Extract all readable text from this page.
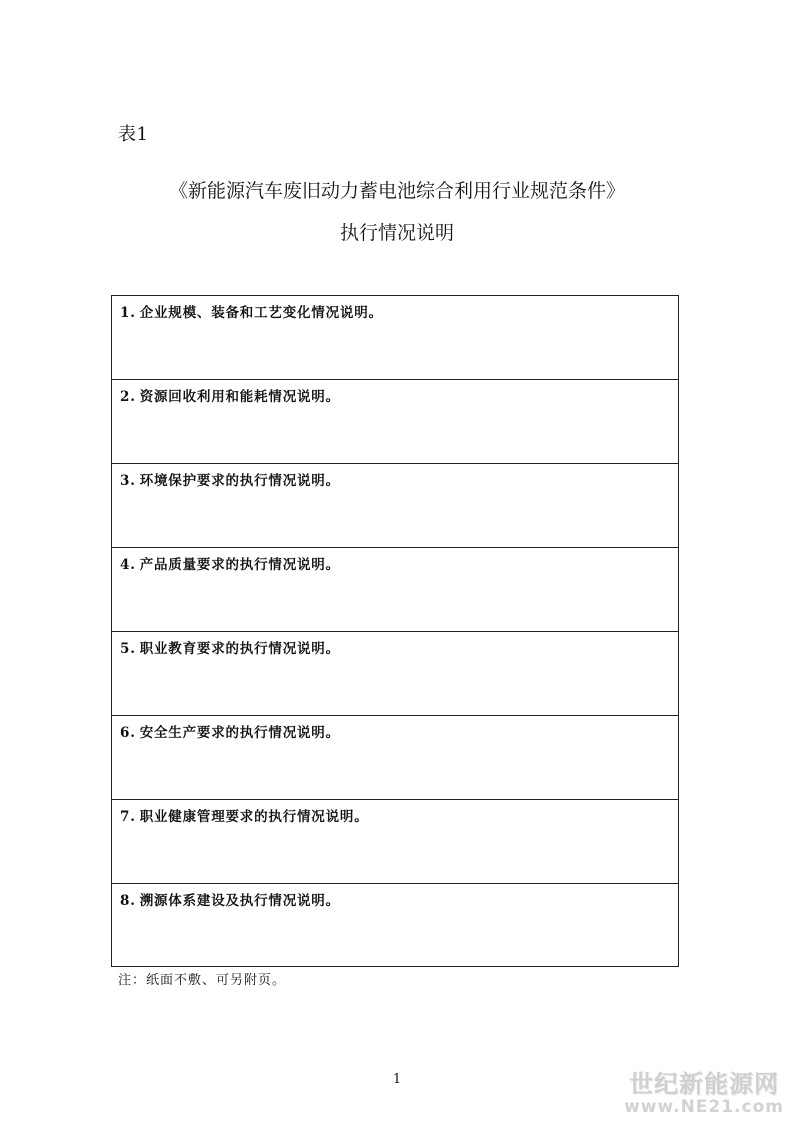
表1
《新能源汽车废旧动力蓄电池综合利用行业规范条件》
执行情况说明
1. 企业规模、装备和工艺变化情况说明。
2. 资源回收利用和能耗情况说明。
3. 环境保护要求的执行情况说明。
4. 产品质量要求的执行情况说明。
5. 职业教育要求的执行情况说明。
6. 安全生产要求的执行情况说明。
7. 职业健康管理要求的执行情况说明。
8. 溯源体系建设及执行情况说明。
注：纸面不敷、可另附页。
1	世纪新能源网
www.NE21.com
